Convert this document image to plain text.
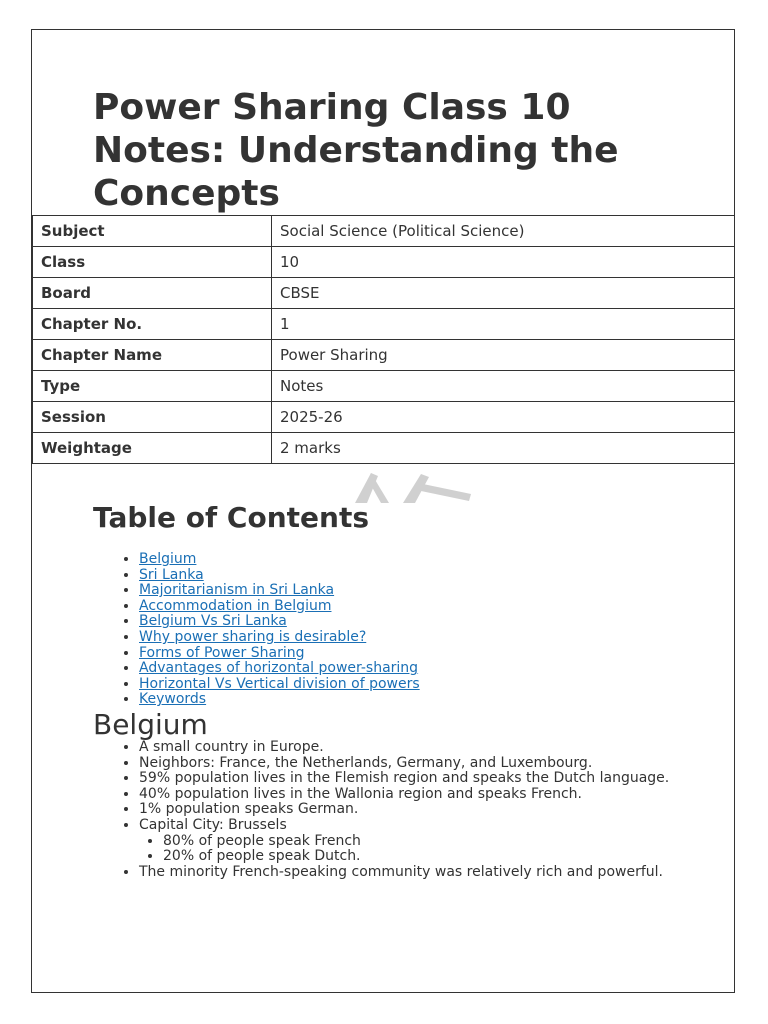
Power Sharing Class 10 Notes: Understanding the Concepts
Subject	Social Science (Political Science)
Class	10
Board	CBSE
Chapter No.	1
Chapter Name	Power Sharing
Type	Notes
Session	2025-26
Weightage	2 marks
Table of Contents
• Belgium
• Sri Lanka
• Majoritarianism in Sri Lanka
• Accommodation in Belgium
• Belgium Vs Sri Lanka
• Why power sharing is desirable?
• Forms of Power Sharing
• Advantages of horizontal power-sharing
• Horizontal Vs Vertical division of powers
• Keywords
Belgium
• A small country in Europe.
• Neighbors: France, the Netherlands, Germany, and Luxembourg.
• 59% population lives in the Flemish region and speaks the Dutch language.
• 40% population lives in the Wallonia region and speaks French.
• 1% population speaks German.
• Capital City: Brussels
• 80% of people speak French
• 20% of people speak Dutch.
• The minority French-speaking community was relatively rich and powerful.
